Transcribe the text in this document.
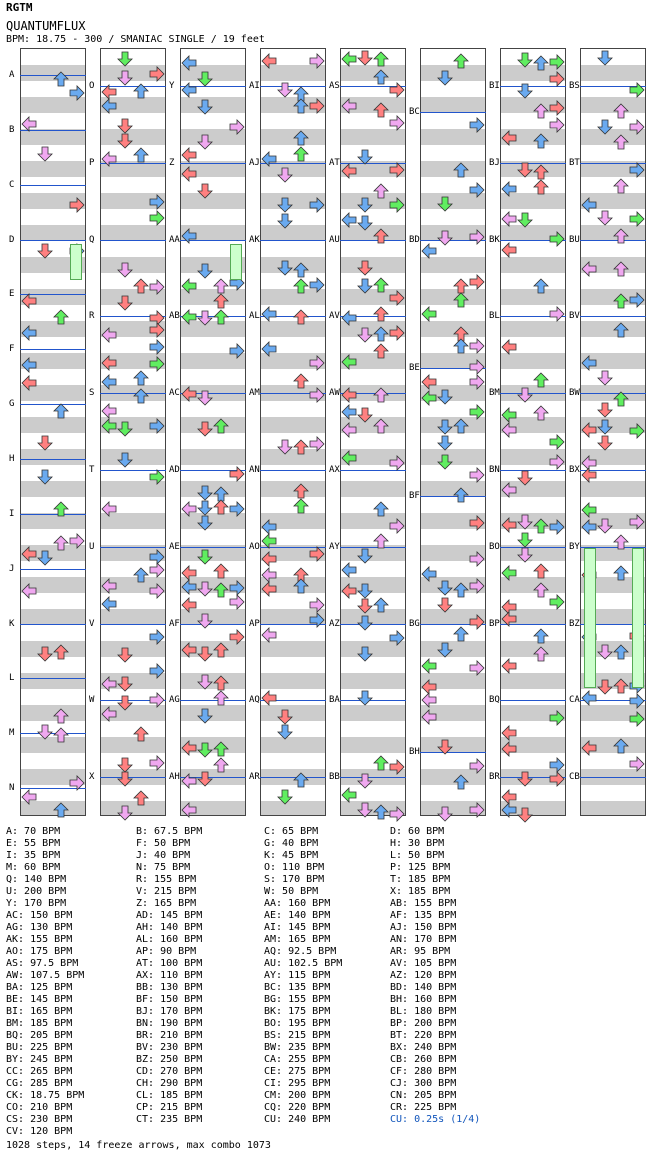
RGTM
QUANTUMFLUX
BPM: 18.75 - 300 / SMANIAC SINGLE / 19 feet
A
B
C
D
E
F
G
H
I
J
K
L
M
N
O
P
Q
R
S
T
U
V
W
X
Y
Z
AA
AB
AC
AD
AE
AF
AG
AH
AI
AJ
AK
AL
AM
AN
AO
AP
AQ
AR
AS
AT
AU
AV
AW
AX
AY
AZ
BA
BB
BC
BD
BE
BF
BG
BH
BI
BJ
BK
BL
BM
BN
BO
BP
BQ
BR
BS
BT
BU
BV
BW
BX
BY
BZ
CA
CB
A: 70 BPM	B: 67.5 BPM	C: 65 BPM	D: 60 BPM
E: 55 BPM	F: 50 BPM	G: 40 BPM	H: 30 BPM
I: 35 BPM	J: 40 BPM	K: 45 BPM	L: 50 BPM
M: 60 BPM	N: 75 BPM	O: 110 BPM	P: 125 BPM
Q: 140 BPM	R: 155 BPM	S: 170 BPM	T: 185 BPM
U: 200 BPM	V: 215 BPM	W: 50 BPM	X: 185 BPM
Y: 170 BPM	Z: 165 BPM	AA: 160 BPM	AB: 155 BPM
AC: 150 BPM	AD: 145 BPM	AE: 140 BPM	AF: 135 BPM
AG: 130 BPM	AH: 140 BPM	AI: 145 BPM	AJ: 150 BPM
AK: 155 BPM	AL: 160 BPM	AM: 165 BPM	AN: 170 BPM
AO: 175 BPM	AP: 90 BPM	AQ: 92.5 BPM	AR: 95 BPM
AS: 97.5 BPM	AT: 100 BPM	AU: 102.5 BPM	AV: 105 BPM
AW: 107.5 BPM	AX: 110 BPM	AY: 115 BPM	AZ: 120 BPM
BA: 125 BPM	BB: 130 BPM	BC: 135 BPM	BD: 140 BPM
BE: 145 BPM	BF: 150 BPM	BG: 155 BPM	BH: 160 BPM
BI: 165 BPM	BJ: 170 BPM	BK: 175 BPM	BL: 180 BPM
BM: 185 BPM	BN: 190 BPM	BO: 195 BPM	BP: 200 BPM
BQ: 205 BPM	BR: 210 BPM	BS: 215 BPM	BT: 220 BPM
BU: 225 BPM	BV: 230 BPM	BW: 235 BPM	BX: 240 BPM
BY: 245 BPM	BZ: 250 BPM	CA: 255 BPM	CB: 260 BPM
CC: 265 BPM	CD: 270 BPM	CE: 275 BPM	CF: 280 BPM
CG: 285 BPM	CH: 290 BPM	CI: 295 BPM	CJ: 300 BPM
CK: 18.75 BPM	CL: 185 BPM	CM: 200 BPM	CN: 205 BPM
CO: 210 BPM	CP: 215 BPM	CQ: 220 BPM	CR: 225 BPM
CS: 230 BPM	CT: 235 BPM	CU: 240 BPM	CU: 0.25s (1/4)
CV: 120 BPM
1028 steps, 14 freeze arrows, max combo 1073
